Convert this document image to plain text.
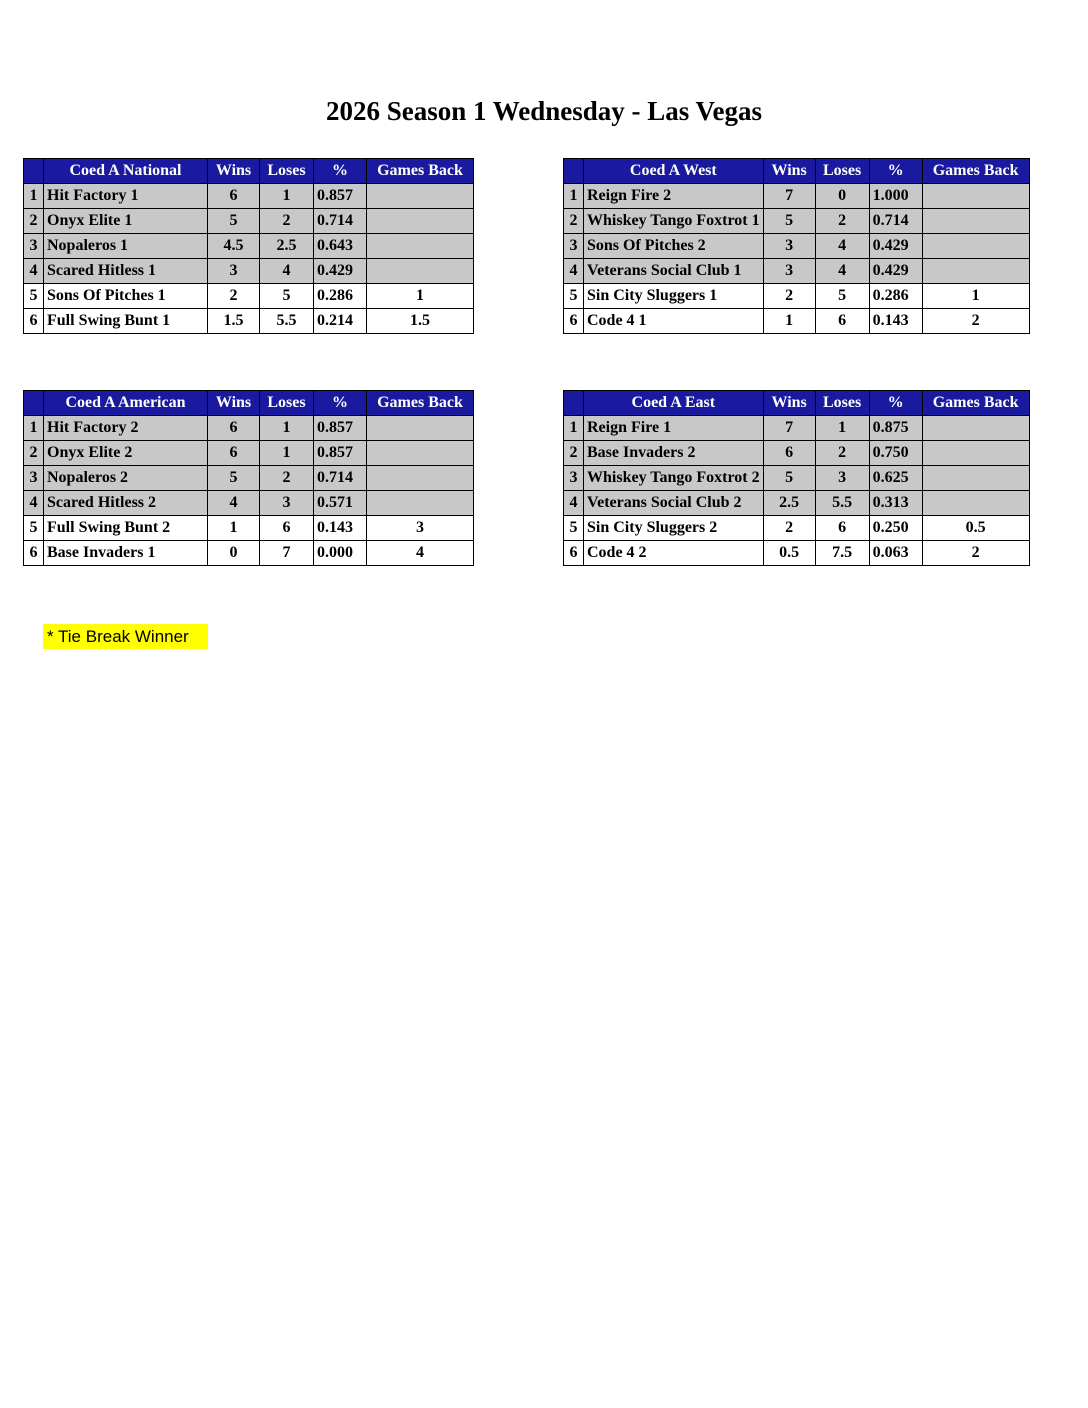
2026 Season 1 Wednesday - Las Vegas
	Coed A National	Wins	Loses	%	Games Back
1	Hit Factory 1	6	1	0.857	
2	Onyx Elite 1	5	2	0.714	
3	Nopaleros 1	4.5	2.5	0.643	
4	Scared Hitless 1	3	4	0.429	
5	Sons Of Pitches 1	2	5	0.286	1
6	Full Swing Bunt 1	1.5	5.5	0.214	1.5
	Coed A West	Wins	Loses	%	Games Back
1	Reign Fire 2	7	0	1.000	
2	Whiskey Tango Foxtrot 1	5	2	0.714	
3	Sons Of Pitches 2	3	4	0.429	
4	Veterans Social Club 1	3	4	0.429	
5	Sin City Sluggers 1	2	5	0.286	1
6	Code 4 1	1	6	0.143	2
	Coed A American	Wins	Loses	%	Games Back
1	Hit Factory 2	6	1	0.857	
2	Onyx Elite 2	6	1	0.857	
3	Nopaleros 2	5	2	0.714	
4	Scared Hitless 2	4	3	0.571	
5	Full Swing Bunt 2	1	6	0.143	3
6	Base Invaders 1	0	7	0.000	4
	Coed A East	Wins	Loses	%	Games Back
1	Reign Fire 1	7	1	0.875	
2	Base Invaders 2	6	2	0.750	
3	Whiskey Tango Foxtrot 2	5	3	0.625	
4	Veterans Social Club 2	2.5	5.5	0.313	
5	Sin City Sluggers 2	2	6	0.250	0.5
6	Code 4 2	0.5	7.5	0.063	2
* Tie Break Winner
